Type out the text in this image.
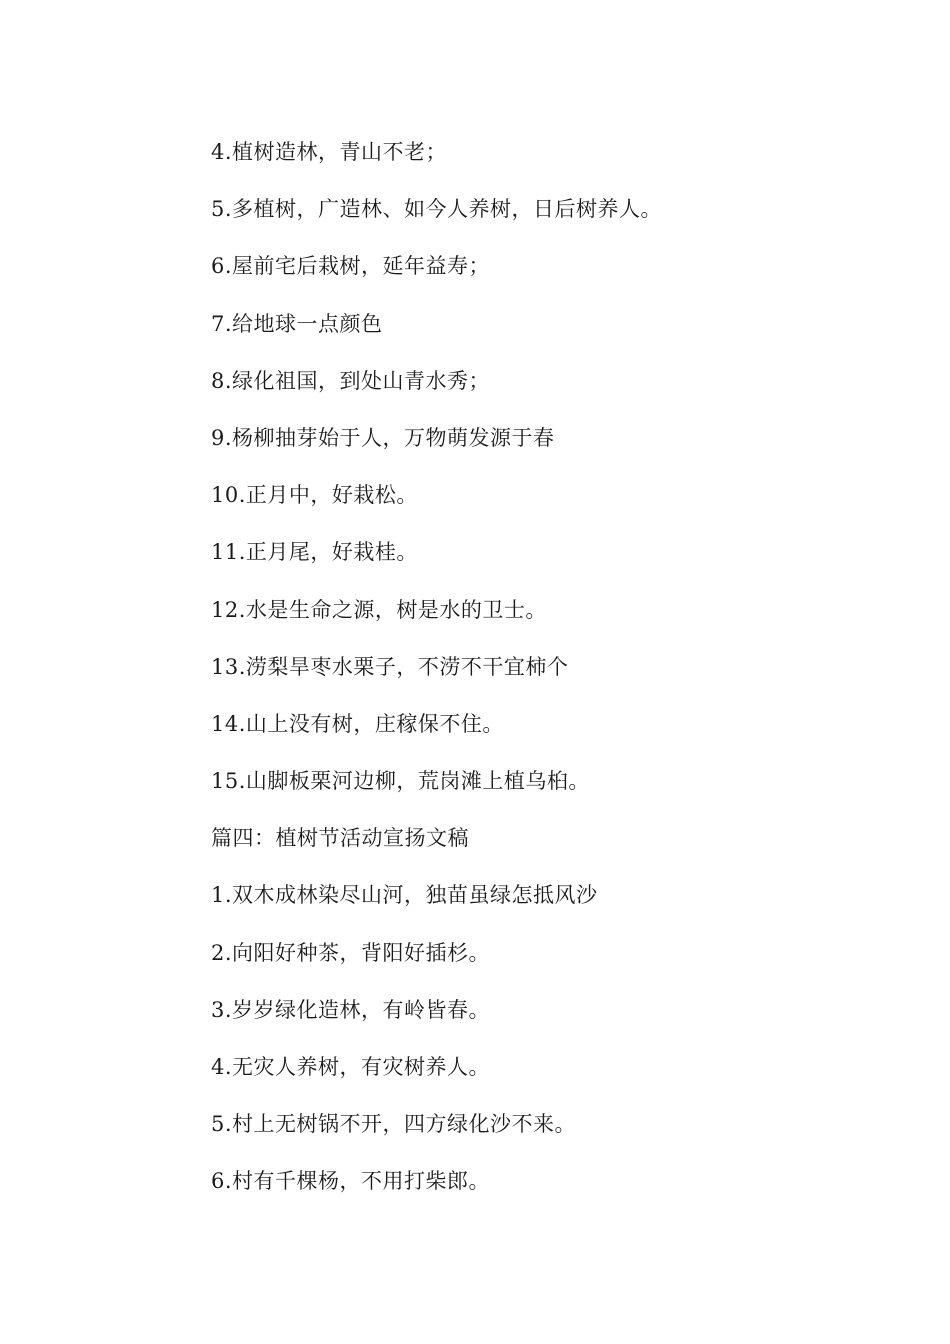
4.植树造林，青山不老；
5.多植树，广造林、如今人养树，日后树养人。
6.屋前宅后栽树，延年益寿；
7.给地球一点颜色
8.绿化祖国，到处山青水秀；
9.杨柳抽芽始于人，万物萌发源于春
10.正月中，好栽松。
11.正月尾，好栽桂。
12.水是生命之源，树是水的卫士。
13.涝梨旱枣水栗子，不涝不干宜柿个
14.山上没有树，庄稼保不住。
15.山脚板栗河边柳，荒岗滩上植乌桕。
篇四：植树节活动宣扬文稿
1.双木成林染尽山河，独苗虽绿怎抵风沙
2.向阳好种茶，背阳好插杉。
3.岁岁绿化造林，有岭皆春。
4.无灾人养树，有灾树养人。
5.村上无树锅不开，四方绿化沙不来。
6.村有千棵杨，不用打柴郎。
